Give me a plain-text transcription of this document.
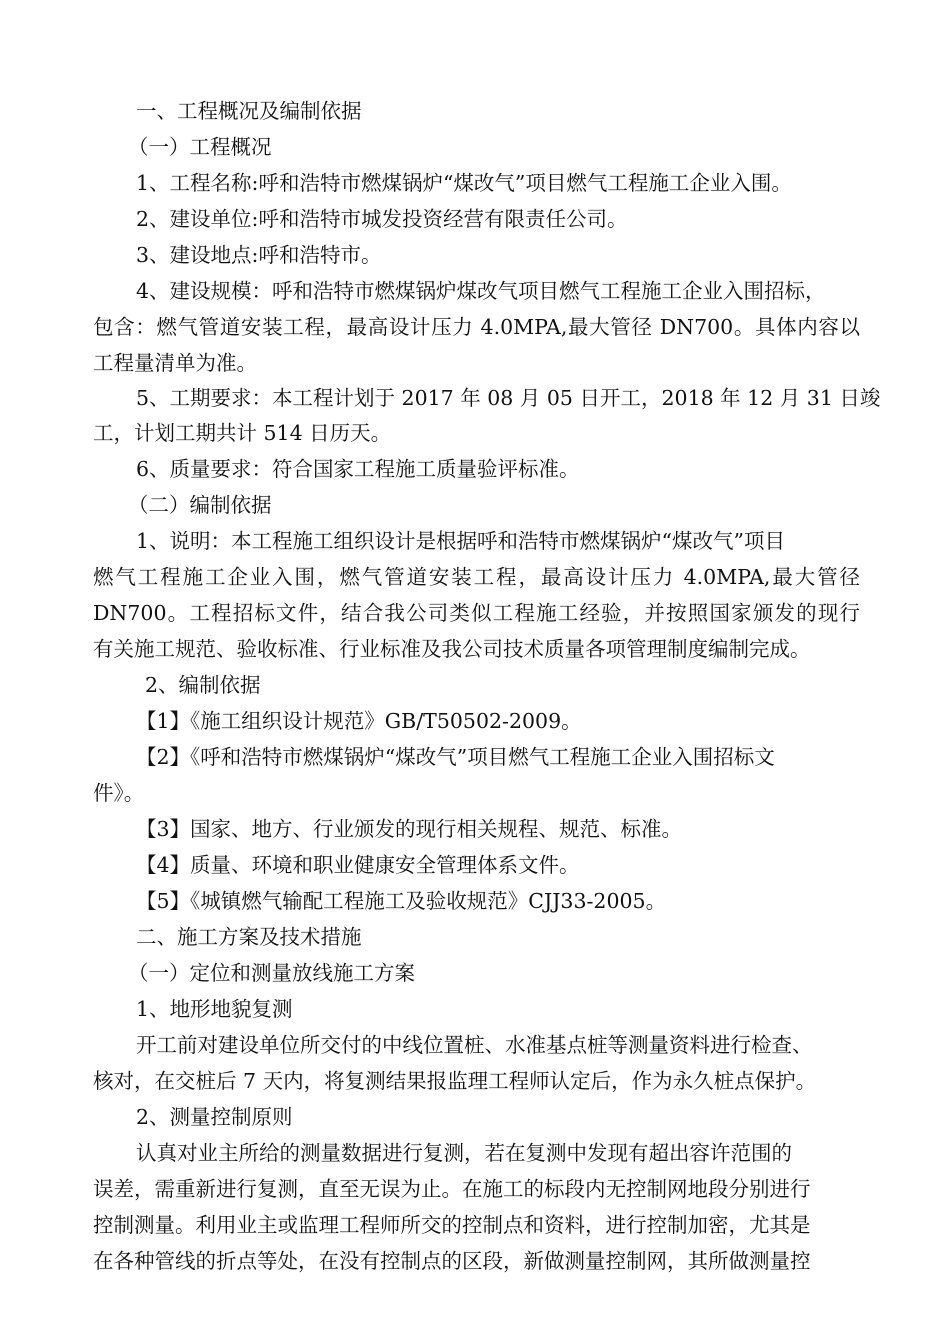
一、工程概况及编制依据
（一）工程概况
1、工程名称:呼和浩特市燃煤锅炉“煤改气”项目燃气工程施工企业入围。
2、建设单位:呼和浩特市城发投资经营有限责任公司。
3、建设地点:呼和浩特市。
4、建设规模：呼和浩特市燃煤锅炉煤改气项目燃气工程施工企业入围招标，
包含：燃气管道安装工程，最高设计压力 4.0MPA,最大管径 DN700。具体内容以
工程量清单为准。
5、工期要求：本工程计划于 2017 年 08 月 05 日开工，2018 年 12 月 31 日竣
工，计划工期共计 514 日历天。
6、质量要求：符合国家工程施工质量验评标准。
（二）编制依据
1、说明：本工程施工组织设计是根据呼和浩特市燃煤锅炉“煤改气”项目
燃气工程施工企业入围，燃气管道安装工程，最高设计压力 4.0MPA,最大管径
DN700。工程招标文件，结合我公司类似工程施工经验，并按照国家颁发的现行
有关施工规范、验收标准、行业标准及我公司技术质量各项管理制度编制完成。
2、编制依据
【1】《施工组织设计规范》GB/T50502-2009。
【2】《呼和浩特市燃煤锅炉“煤改气”项目燃气工程施工企业入围招标文
件》。
【3】国家、地方、行业颁发的现行相关规程、规范、标准。
【4】质量、环境和职业健康安全管理体系文件。
【5】《城镇燃气输配工程施工及验收规范》CJJ33-2005。
二、施工方案及技术措施
（一）定位和测量放线施工方案
1、地形地貌复测
开工前对建设单位所交付的中线位置桩、水准基点桩等测量资料进行检查、
核对，在交桩后 7 天内，将复测结果报监理工程师认定后，作为永久桩点保护。
2、测量控制原则
认真对业主所给的测量数据进行复测，若在复测中发现有超出容许范围的
误差，需重新进行复测，直至无误为止。在施工的标段内无控制网地段分别进行
控制测量。利用业主或监理工程师所交的控制点和资料，进行控制加密，尤其是
在各种管线的折点等处，在没有控制点的区段，新做测量控制网，其所做测量控
